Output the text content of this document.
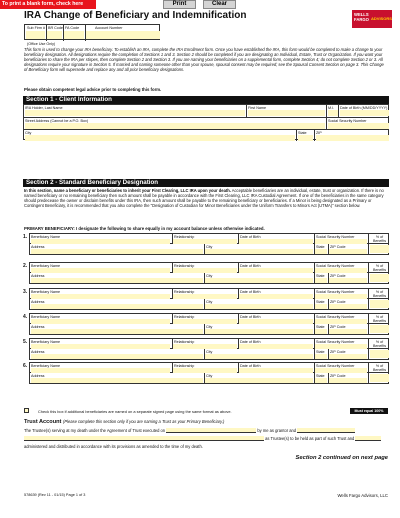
To print a blank form, check here	Print	Clear
IRA Change of Beneficiary and Indemnification	WELLS
FARGO ADVISORS
Sub Firm # BR Code FA Code	Account Number
(Office Use Only)
This form is used to change your IRA beneficiary. To establish an IRA, complete the IRA Enrollment form. Once you have established the IRA, this form would be completed to make a change to your beneficiary designation. All designations require the completion of Sections 1 and 3. Section 2 should be completed if you are designating an Individual, Estate, Trust or Organization. If you want your beneficiaries to share the IRA per stirpes, then complete Section 2 and Section 3. If you are naming your beneficiaries on a supplemental form, complete Section 4; do not complete Section 2 or 3. All designations require your signature in Section 5. If married and naming someone other than your spouse, spousal consent may be required; see the Spousal Consent Section on page 3. This Change of Beneficiary form will supersede and replace any and all prior beneficiary designations.
Please obtain competent legal advice prior to completing this form.
Section 1 - Client Information
IRA Holder, Last Name	First Name	M.I. Date of Birth (MM/DD/YYYY)
Street Address (Cannot be a P.O. Box)	Social Security Number
City	State	ZIP
Section 2 - Standard Beneficiary Designation
In this section, name a beneficiary or beneficiaries to inherit your First Clearing, LLC IRA upon your death. Acceptable beneficiaries are an individual, estate, trust or organization. If there is no named beneficiary or no remaining beneficiary then such amount shall be payable in accordance with the First Clearing, LLC IRA Custodial Agreement. If one of the beneficiaries in the same category should predecease the owner or disclaim benefits under this IRA, then such amount shall be payable to the remaining beneficiary or beneficiaries. If a Minor is being designated as a Primary or Contingent Beneficiary, it is recommended that you also complete the "Designation of Custodian for Minor Beneficiaries under the Uniform Transfers to Minors Act (UTMA)" section below.
PRIMARY BENEFICIARY: I designate the following to share equally in my account balance unless otherwise indicated.
1. Beneficiary Name	Relationship	Date of Birth	Social Security Number	% of Benefits
Address	City	State ZIP Code
2. Beneficiary Name	Relationship	Date of Birth	Social Security Number	% of Benefits
Address	City	State ZIP Code
3. Beneficiary Name	Relationship	Date of Birth	Social Security Number	% of Benefits
Address	City	State ZIP Code
4. Beneficiary Name	Relationship	Date of Birth	Social Security Number	% of Benefits
Address	City	State ZIP Code
5. Beneficiary Name	Relationship	Date of Birth	Social Security Number	% of Benefits
Address	City	State ZIP Code
6. Beneficiary Name	Relationship	Date of Birth	Social Security Number	% of Benefits
Address	City	State ZIP Code
Check this box if additional beneficiaries are named on a separate signed page using the same format as above.	Must equal 100%
Trust Account (Please complete this section only if you are naming a Trust as your Primary Beneficiary.)
The Trustee(s) serving at my death under the Agreement of Trust executed on	by me as grantor and
as Trustee(s) to be held as part of such Trust and
administered and distributed in accordance with its provisions as amended to the time of my death.
Section 2 continued on next page
578639 (Rev 11 - 01/15) Page 1 of 3	Wells Fargo Advisors, LLC
